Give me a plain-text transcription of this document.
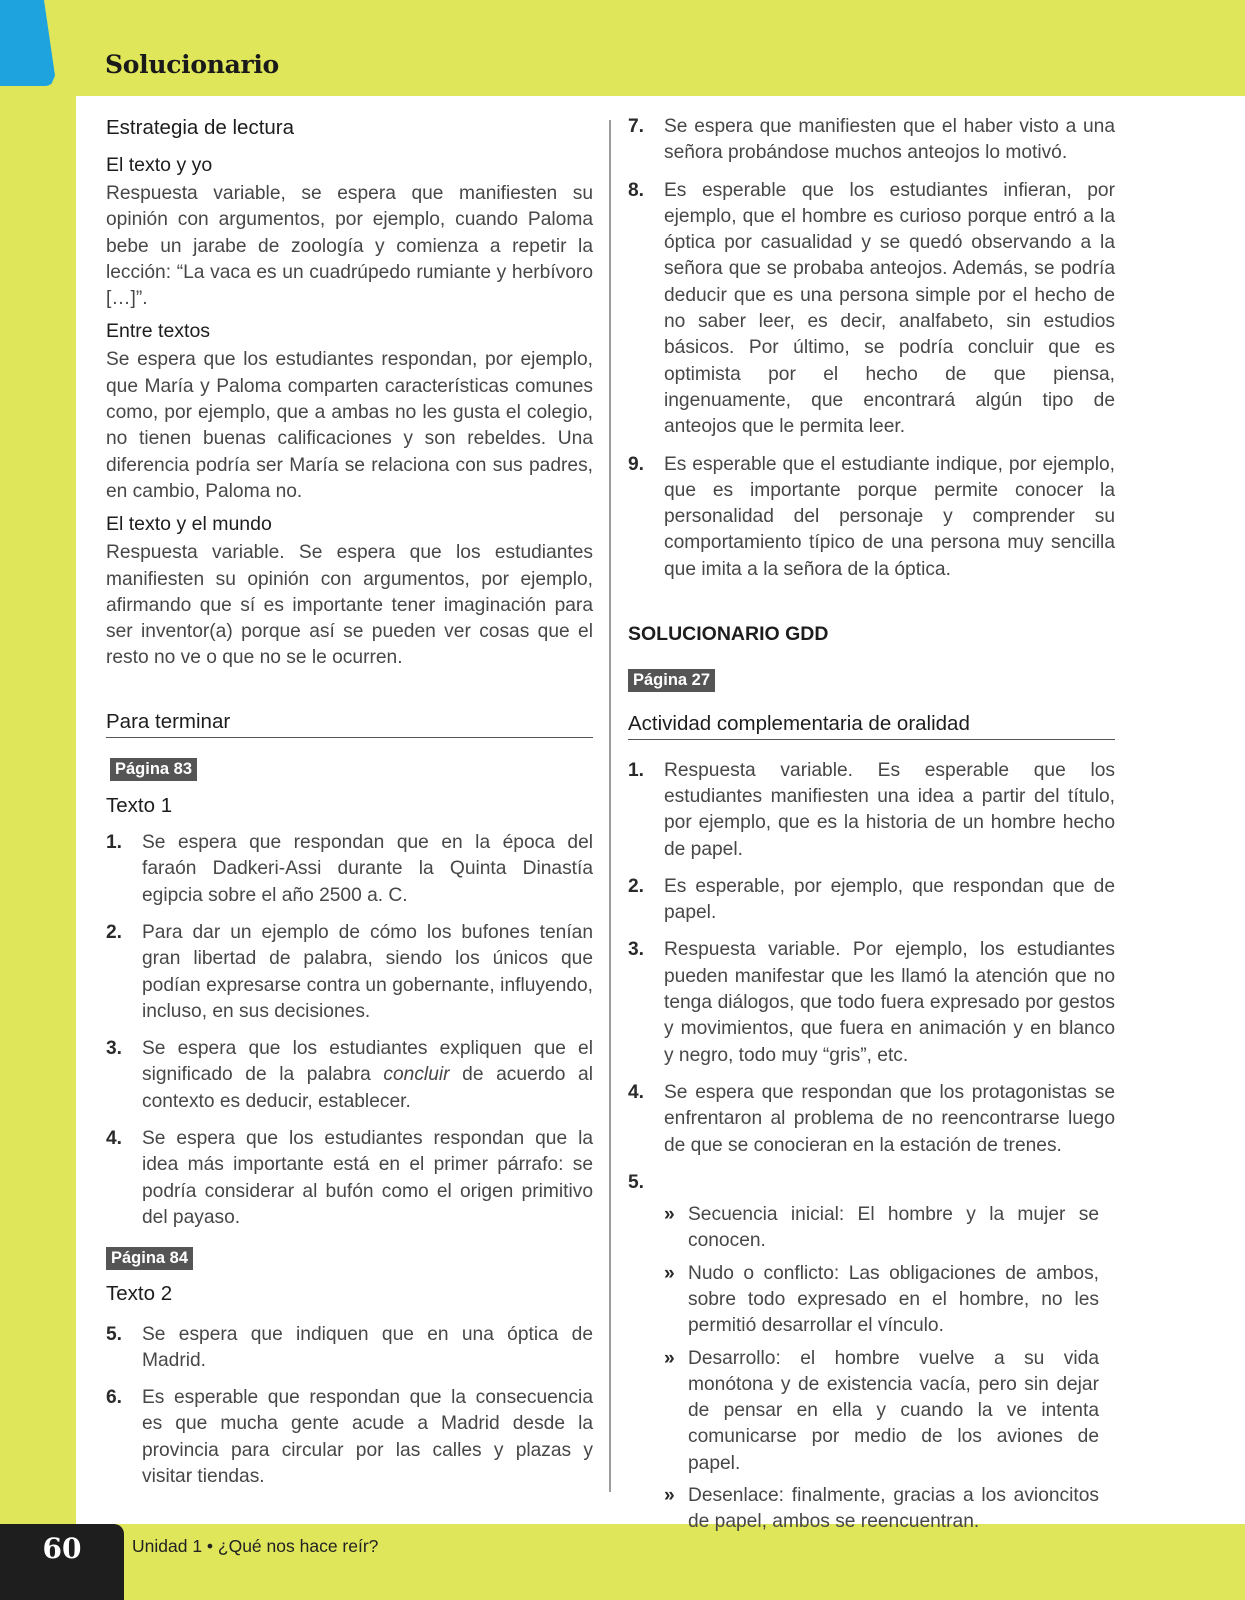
Solucionario
Estrategia de lectura
El texto y yo

Respuesta variable, se espera que manifiesten su opinión con argumentos, por ejemplo, cuando Paloma bebe un jarabe de zoología y comienza a repetir la lección: “La vaca es un cuadrúpedo rumiante y herbívoro […]”.

Entre textos

Se espera que los estudiantes respondan, por ejemplo, que María y Paloma comparten características comunes como, por ejemplo, que a ambas no les gusta el colegio, no tienen buenas calificaciones y son rebeldes. Una diferencia podría ser María se relaciona con sus padres, en cambio, Paloma no.

El texto y el mundo

Respuesta variable. Se espera que los estudiantes manifiesten su opinión con argumentos, por ejemplo, afirmando que sí es importante tener imaginación para ser inventor(a) porque así se pueden ver cosas que el resto no ve o que no se le ocurren.

Para terminar
Página 83
Texto 1
1. Se espera que respondan que en la época del faraón Dadkeri-Assi durante la Quinta Dinastía egipcia sobre el año 2500 a. C.
2. Para dar un ejemplo de cómo los bufones tenían gran libertad de palabra, siendo los únicos que podían expresarse contra un gobernante, influyendo, incluso, en sus decisiones.
3. Se espera que los estudiantes expliquen que el significado de la palabra concluir de acuerdo al contexto es deducir, establecer.
4. Se espera que los estudiantes respondan que la idea más importante está en el primer párrafo: se podría considerar al bufón como el origen primitivo del payaso.
Página 84
Texto 2
5. Se espera que indiquen que en una óptica de Madrid.
6. Es esperable que respondan que la consecuencia es que mucha gente acude a Madrid desde la provincia para circular por las calles y plazas y visitar tiendas.
7. Se espera que manifiesten que el haber visto a una señora probándose muchos anteojos lo motivó.
8. Es esperable que los estudiantes infieran, por ejemplo, que el hombre es curioso porque entró a la óptica por casualidad y se quedó observando a la señora que se probaba anteojos. Además, se podría deducir que es una persona simple por el hecho de no saber leer, es decir, analfabeto, sin estudios básicos. Por último, se podría concluir que es optimista por el hecho de que piensa, ingenuamente, que encontrará algún tipo de anteojos que le permita leer.
9. Es esperable que el estudiante indique, por ejemplo, que es importante porque permite conocer la personalidad del personaje y comprender su comportamiento típico de una persona muy sencilla que imita a la señora de la óptica.
SOLUCIONARIO GDD
Página 27
Actividad complementaria de oralidad
1. Respuesta variable. Es esperable que los estudiantes manifiesten una idea a partir del título, por ejemplo, que es la historia de un hombre hecho de papel.
2. Es esperable, por ejemplo, que respondan que de papel.
3. Respuesta variable. Por ejemplo, los estudiantes pueden manifestar que les llamó la atención que no tenga diálogos, que todo fuera expresado por gestos y movimientos, que fuera en animación y en blanco y negro, todo muy “gris”, etc.
4. Se espera que respondan que los protagonistas se enfrentaron al problema de no reencontrarse luego de que se conocieran en la estación de trenes.
5.

» Secuencia inicial: El hombre y la mujer se conocen.
» Nudo o conflicto: Las obligaciones de ambos, sobre todo expresado en el hombre, no les permitió desarrollar el vínculo.
» Desarrollo: el hombre vuelve a su vida monótona y de existencia vacía, pero sin dejar de pensar en ella y cuando la ve intenta comunicarse por medio de los aviones de papel.
» Desenlace: finalmente, gracias a los avioncitos de papel, ambos se reencuentran.
60	Unidad 1 • ¿Qué nos hace reír?
